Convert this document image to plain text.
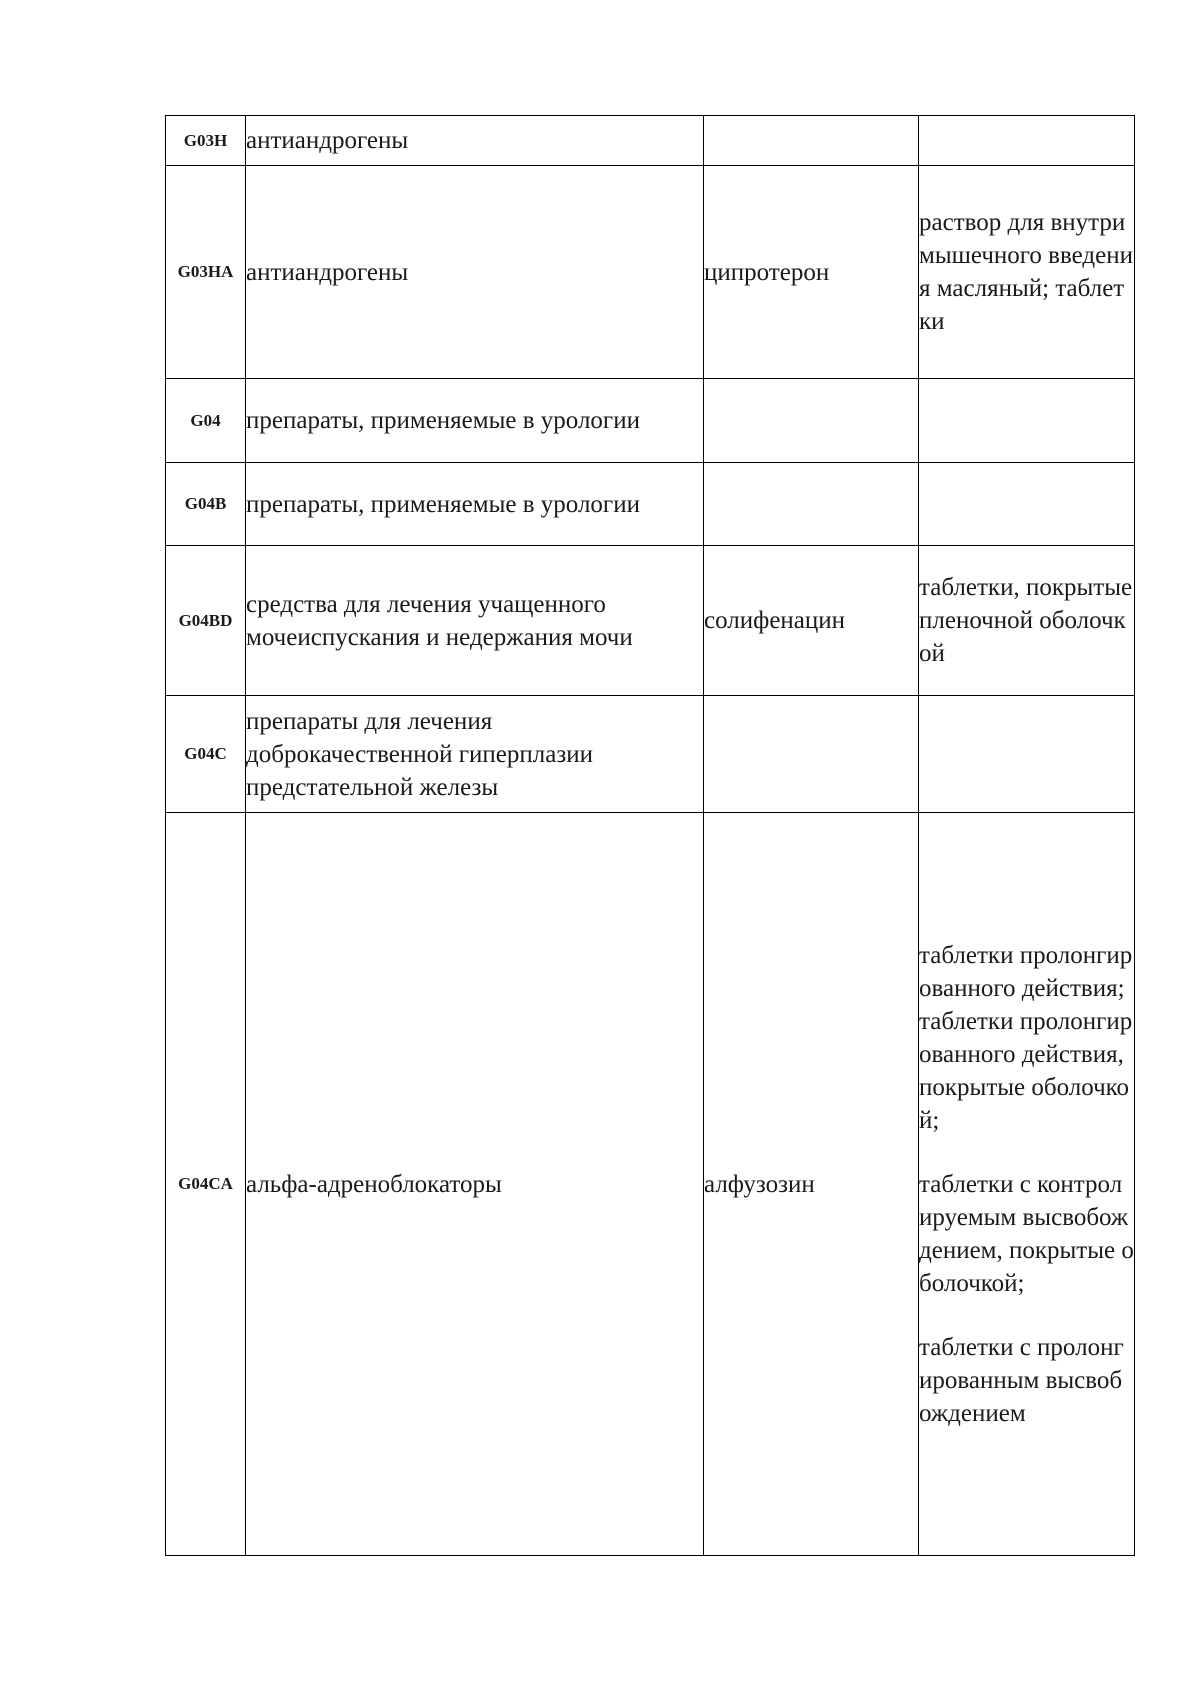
G03H	антиандрогены		
G03HA	антиандрогены	ципротерон	раствор для внутримышечного введения масляный; таблетки

G04	препараты, применяемые в урологии		
G04B	препараты, применяемые в урологии		
G04BD	средства для лечения учащенного мочеиспускания и недержания мочи	солифенацин	таблетки, покрытые пленочной оболочкой

G04C	препараты для лечения доброкачественной гиперплазии предстательной железы		
G04CA	альфа-адреноблокаторы	алфузозин	таблетки пролонгированного действия; таблетки пролонгированного действия, покрытые оболочкой;
таблетки с контролируемым высвобождением, покрытые оболочкой;
таблетки с пролонгированным высвобождением
